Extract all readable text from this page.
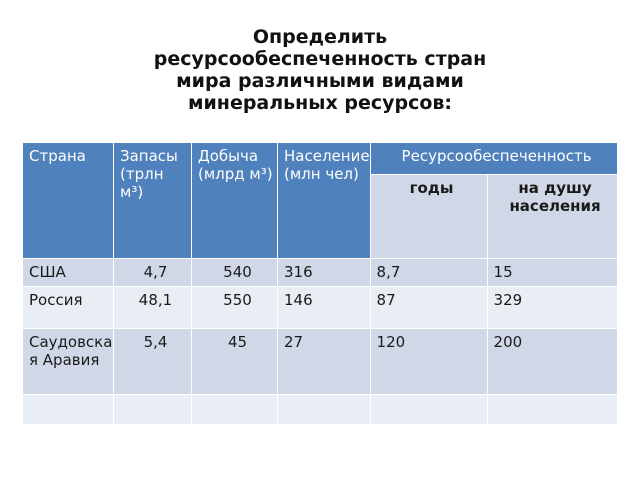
Определить
ресурсообеспеченность стран
мира различными видами
минеральных ресурсов:
Страна	Запасы (трлн м³)	Добыча (млрд м³)	Население (млн чел)	Ресурсообеспеченность	
				годы	на душу населения
США	4,7	540	316	8,7	15
Россия	48,1	550	146	87	329
Саудовская Аравия	5,4	45	27	120	200
